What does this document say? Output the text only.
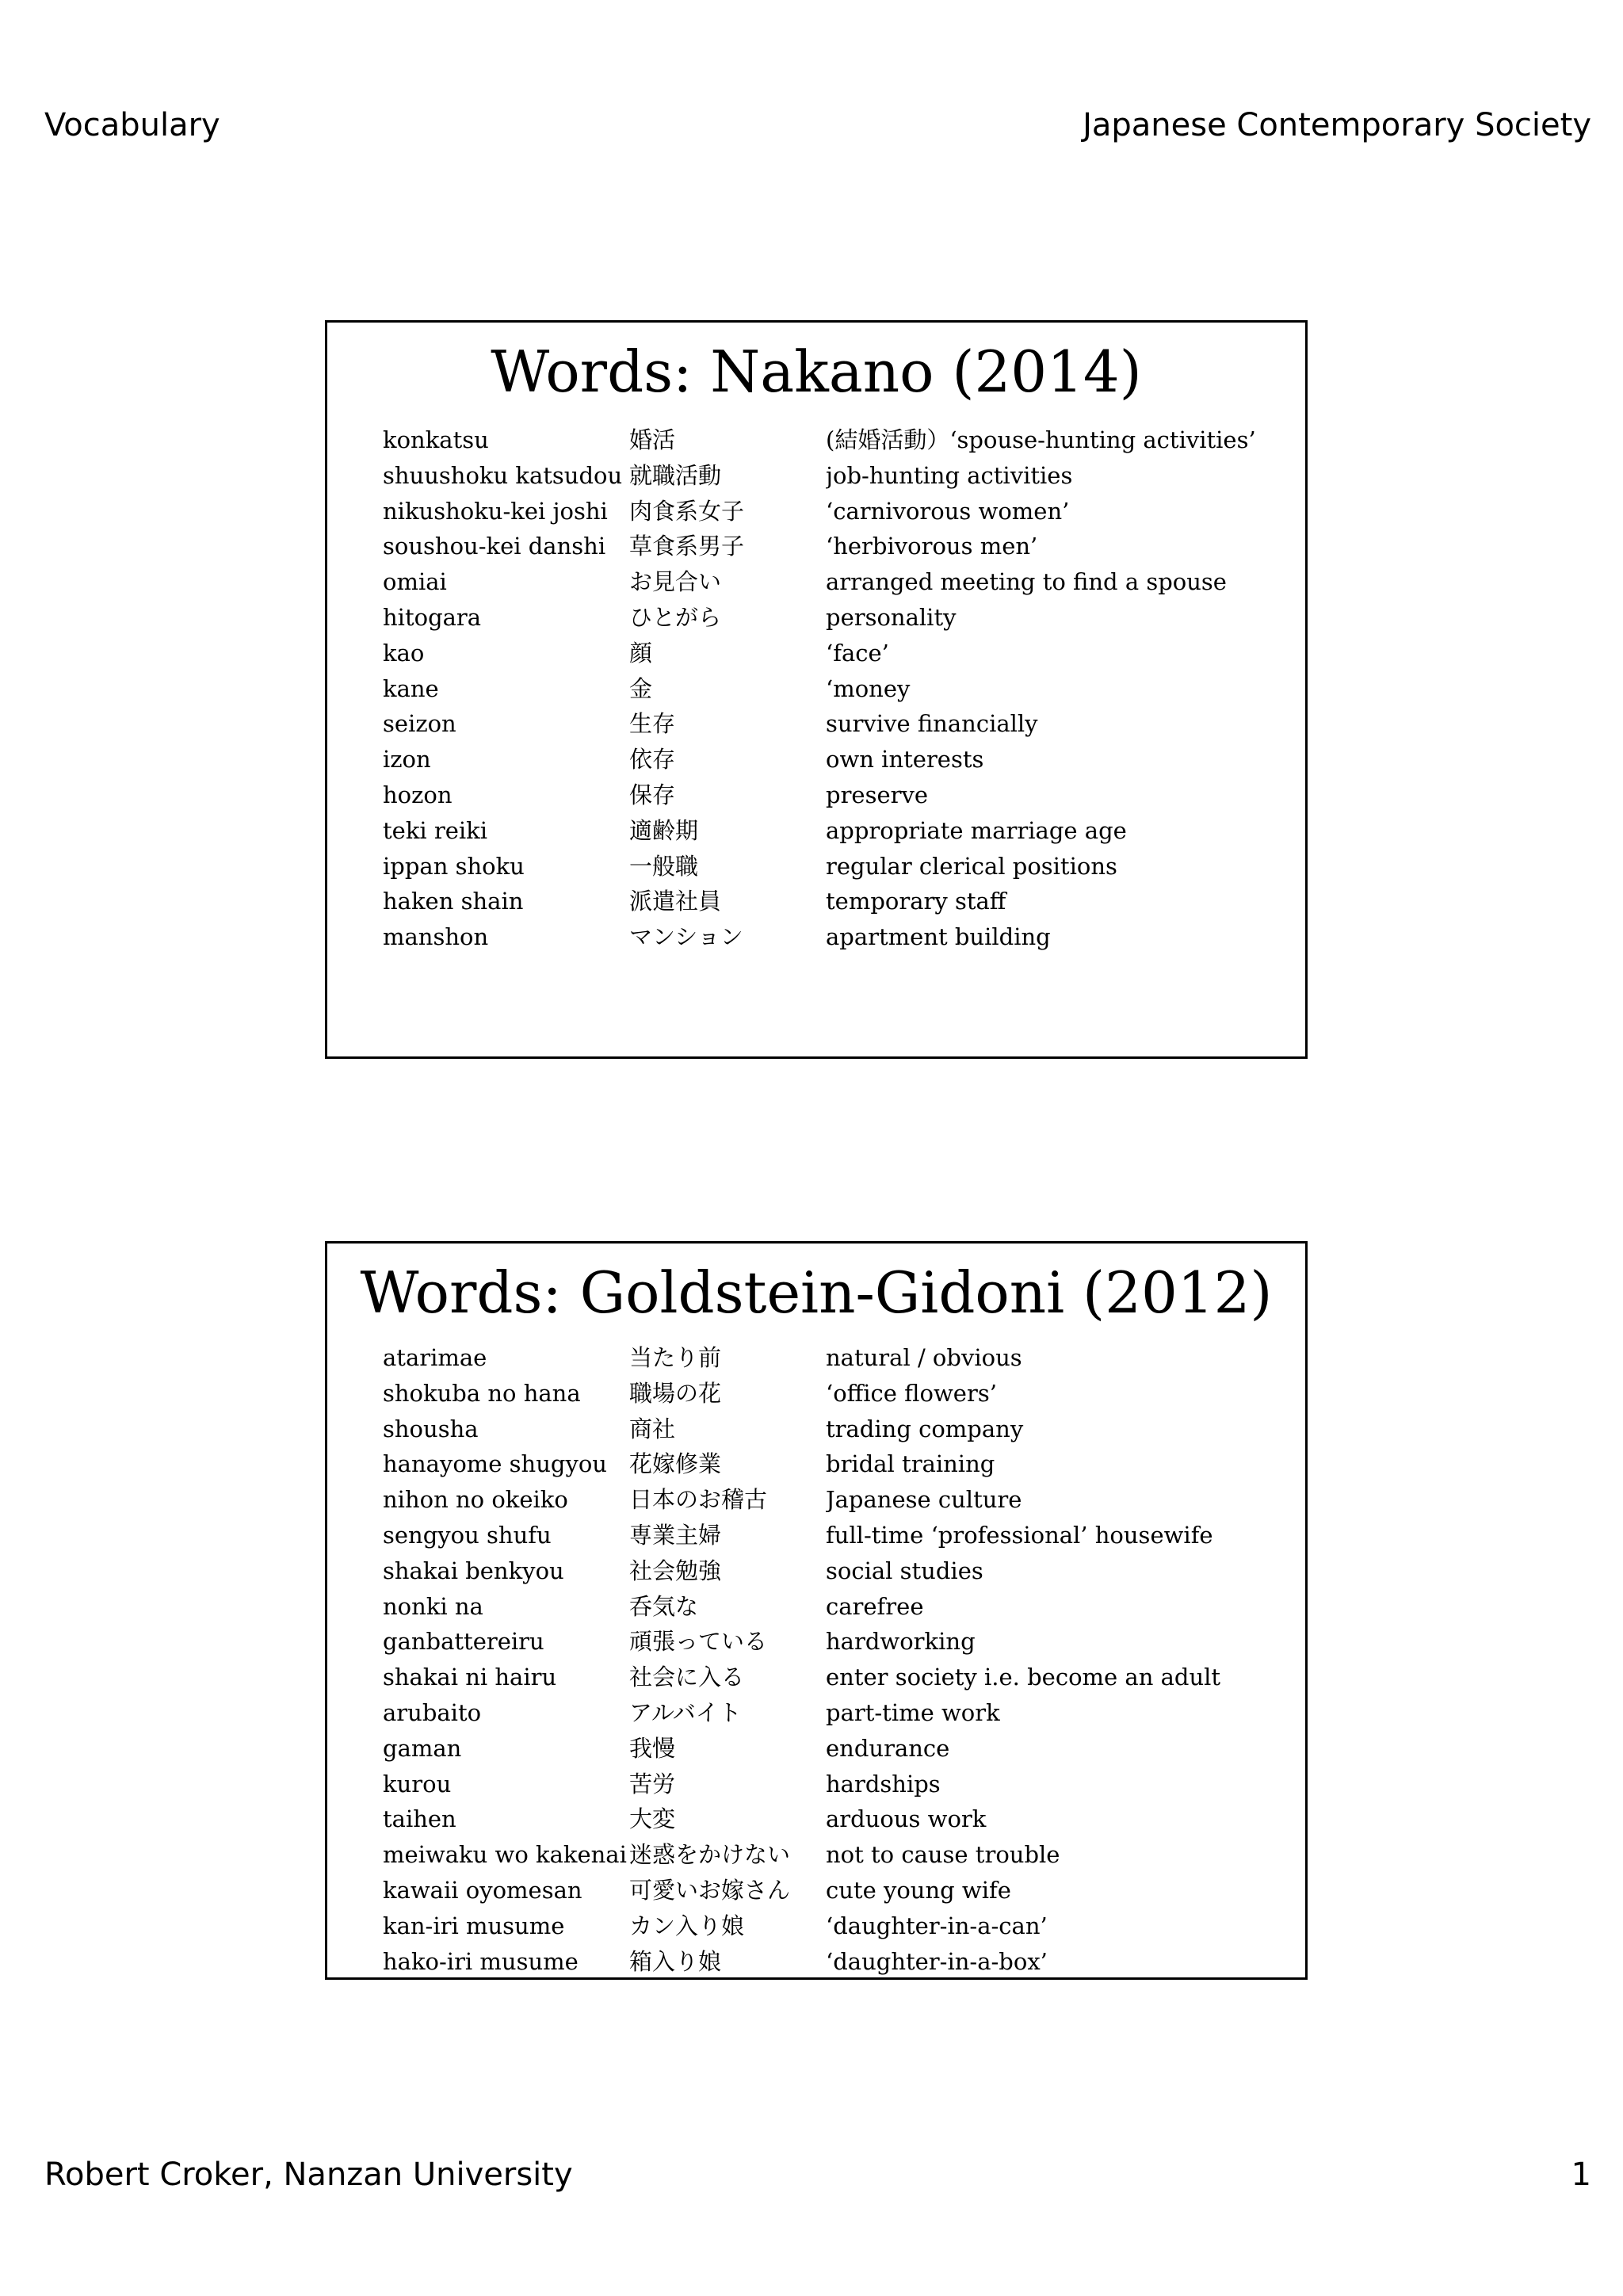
Vocabulary	Japanese Contemporary Society
Words: Nakano (2014)
konkatsu	婚活	(結婚活動）‘spouse-hunting activities’
shuushoku katsudou 就職活動	job-hunting activities
nikushoku-kei joshi 肉食系女子	‘carnivorous women’
soushou-kei danshi	草食系男子	‘herbivorous men’
omiai	お見合い	arranged meeting to find a spouse
hitogara	ひとがら	personality
kao	顔	‘face’
kane	金	‘money
seizon	生存	survive financially
izon	依存	own interests
hozon	保存	preserve
teki reiki	適齢期	appropriate marriage age
ippan shoku	一般職	regular clerical positions
haken shain	派遣社員	temporary staff
manshon	マンション	apartment building
Words: Goldstein-Gidoni (2012)
atarimae	当たり前	natural / obvious
shokuba no hana	職場の花	‘office flowers’
shousha	商社	trading company
hanayome shugyou 花嫁修業	bridal training
nihon no okeiko	日本のお稽古	Japanese culture
sengyou shufu	専業主婦	full-time ‘professional’ housewife
shakai benkyou	社会勉強	social studies
nonki na	呑気な	carefree
ganbattereiru	頑張っている	hardworking
shakai ni hairu	社会に入る	enter society i.e. become an adult
arubaito	アルバイト	part-time work
gaman	我慢	endurance
kurou	苦労	hardships
taihen	大変	arduous work
meiwaku wo kakenai 迷惑をかけない	not to cause trouble
kawaii oyomesan	可愛いお嫁さん	cute young wife
kan-iri musume	カン入り娘	‘daughter-in-a-can’
hako-iri musume	箱入り娘	‘daughter-in-a-box’
Robert Croker, Nanzan University	1
